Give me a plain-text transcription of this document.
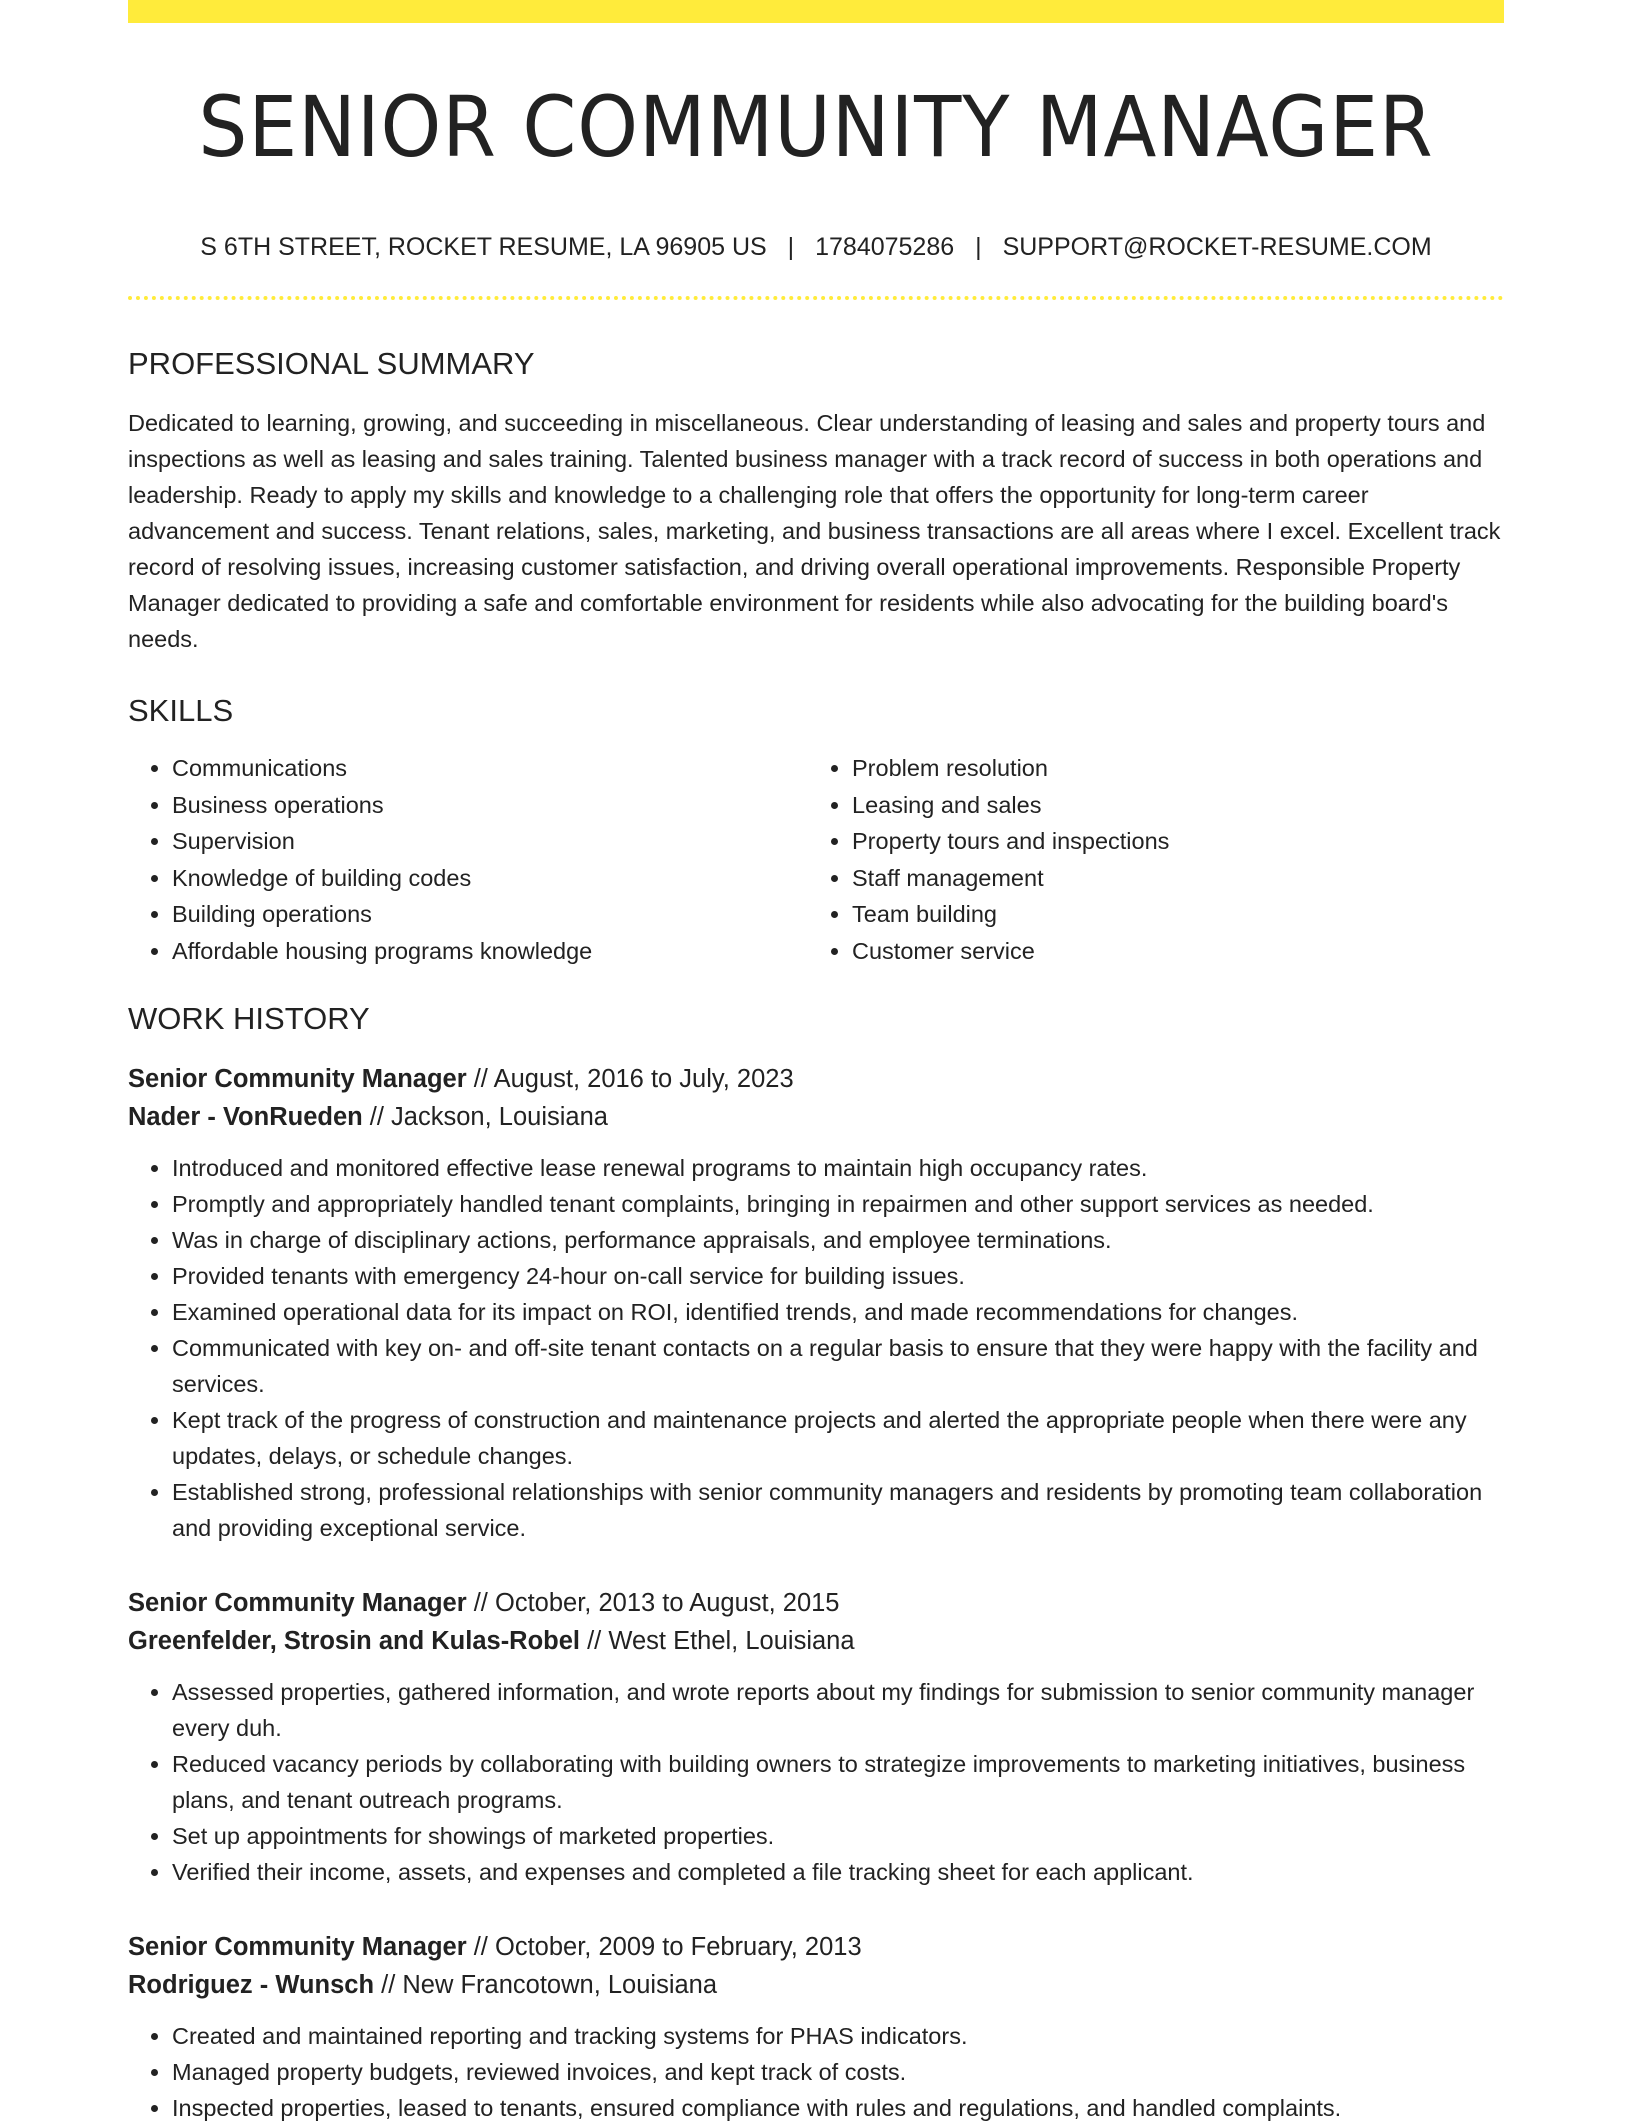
SENIOR COMMUNITY MANAGER
S 6TH STREET, ROCKET RESUME, LA 96905 US | 1784075286 | SUPPORT@ROCKET-RESUME.COM
PROFESSIONAL SUMMARY
Dedicated to learning, growing, and succeeding in miscellaneous. Clear understanding of leasing and sales and property tours and inspections as well as leasing and sales training. Talented business manager with a track record of success in both operations and leadership. Ready to apply my skills and knowledge to a challenging role that offers the opportunity for long-term career advancement and success. Tenant relations, sales, marketing, and business transactions are all areas where I excel. Excellent track record of resolving issues, increasing customer satisfaction, and driving overall operational improvements. Responsible Property Manager dedicated to providing a safe and comfortable environment for residents while also advocating for the building board's needs.
SKILLS
• Communications
• Business operations
• Supervision
• Knowledge of building codes
• Building operations
• Affordable housing programs knowledge
• Problem resolution
• Leasing and sales
• Property tours and inspections
• Staff management
• Team building
• Customer service
WORK HISTORY
Senior Community Manager // August, 2016 to July, 2023
Nader - VonRueden // Jackson, Louisiana
• Introduced and monitored effective lease renewal programs to maintain high occupancy rates.
• Promptly and appropriately handled tenant complaints, bringing in repairmen and other support services as needed.
• Was in charge of disciplinary actions, performance appraisals, and employee terminations.
• Provided tenants with emergency 24-hour on-call service for building issues.
• Examined operational data for its impact on ROI, identified trends, and made recommendations for changes.
• Communicated with key on- and off-site tenant contacts on a regular basis to ensure that they were happy with the facility and services.
• Kept track of the progress of construction and maintenance projects and alerted the appropriate people when there were any updates, delays, or schedule changes.
• Established strong, professional relationships with senior community managers and residents by promoting team collaboration and providing exceptional service.
Senior Community Manager // October, 2013 to August, 2015
Greenfelder, Strosin and Kulas-Robel // West Ethel, Louisiana
• Assessed properties, gathered information, and wrote reports about my findings for submission to senior community manager every duh.
• Reduced vacancy periods by collaborating with building owners to strategize improvements to marketing initiatives, business plans, and tenant outreach programs.
• Set up appointments for showings of marketed properties.
• Verified their income, assets, and expenses and completed a file tracking sheet for each applicant.
Senior Community Manager // October, 2009 to February, 2013
Rodriguez - Wunsch // New Francotown, Louisiana
• Created and maintained reporting and tracking systems for PHAS indicators.
• Managed property budgets, reviewed invoices, and kept track of costs.
• Inspected properties, leased to tenants, ensured compliance with rules and regulations, and handled complaints.
